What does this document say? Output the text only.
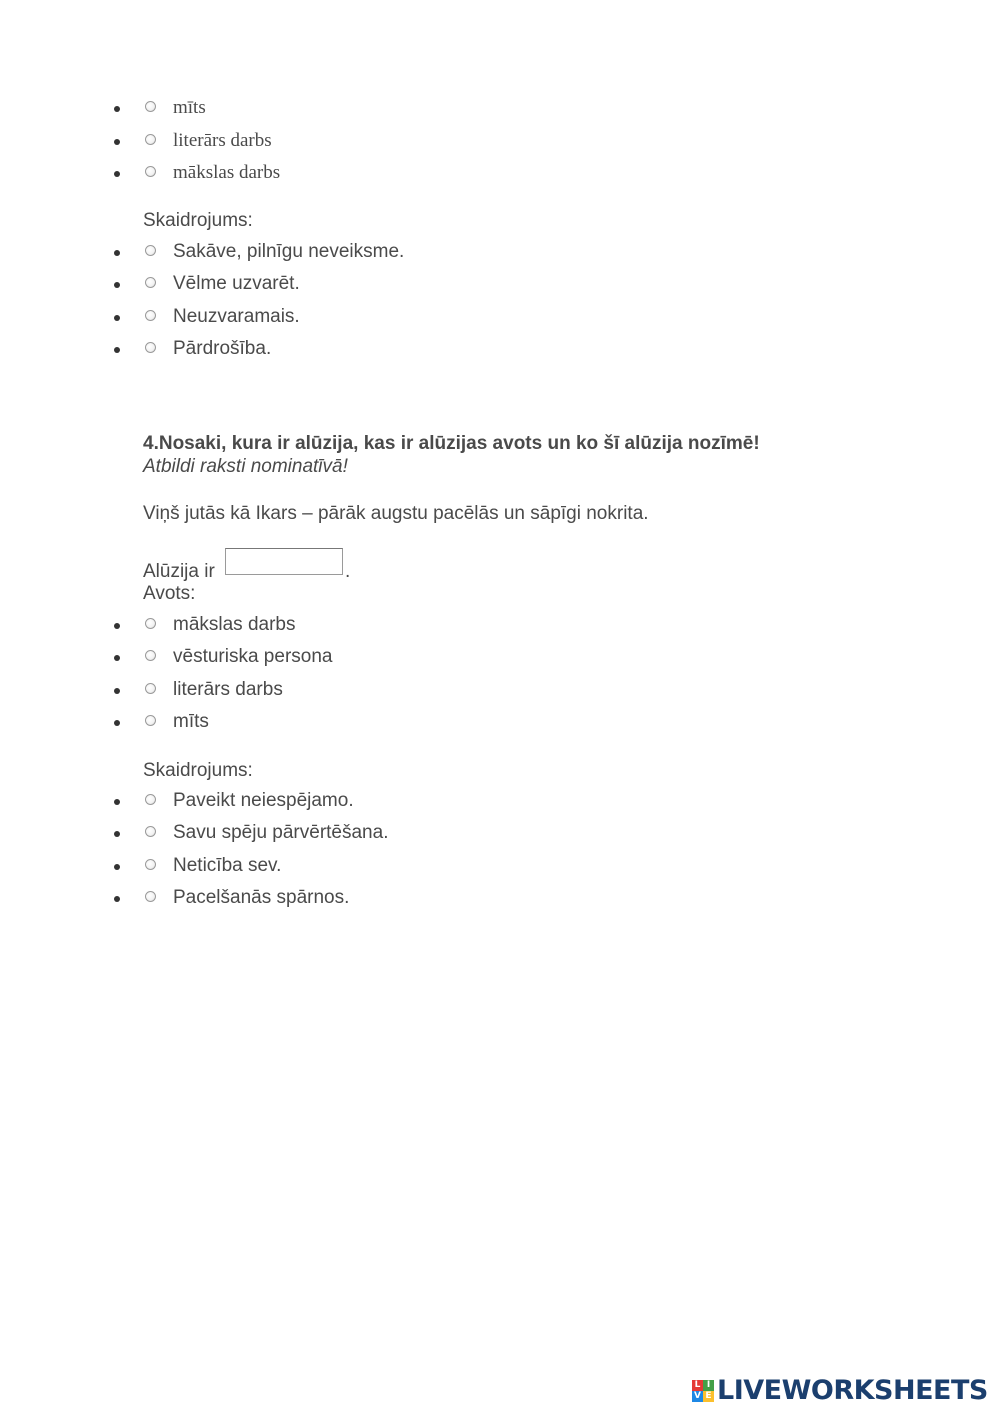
mīts
literārs darbs
mākslas darbs
Skaidrojums:
Sakāve, pilnīgu neveiksme.
Vēlme uzvarēt.
Neuzvaramais.
Pārdrošība.
4.Nosaki, kura ir alūzija, kas ir alūzijas avots un ko šī alūzija nozīmē!
Atbildi raksti nominatīvā!
Viņš jutās kā Ikars – pārāk augstu pacēlās un sāpīgi nokrita.
Alūzija ir	.
Avots:
mākslas darbs
vēsturiska persona
literārs darbs
mīts
Skaidrojums:
Paveikt neiespējamo.
Savu spēju pārvērtēšana.
Neticība sev.
Pacelšanās spārnos.
L I
V E LIVEWORKSHEETS
